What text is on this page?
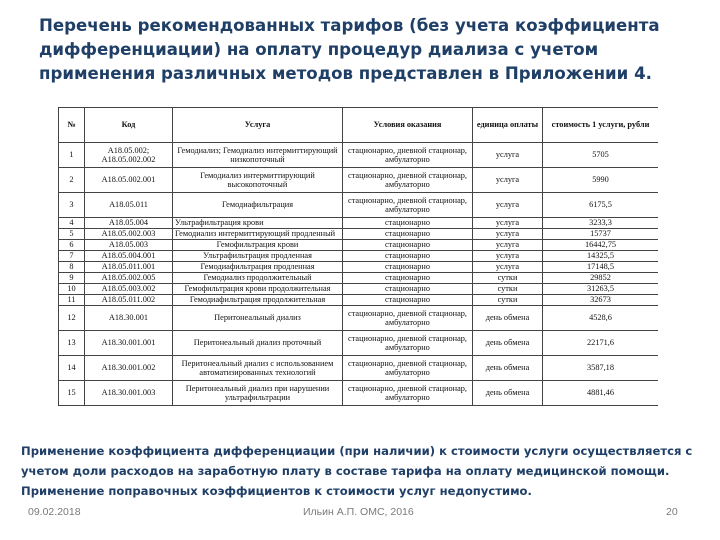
Перечень рекомендованных тарифов (без учета коэффициента дифференциации) на оплату процедур диализа с учетом применения различных методов представлен в Приложении 4.
№	Код	Услуга	Условия оказания	единица оплаты	стоимость 1 услуги, рубли
1	A18.05.002; A18.05.002.002	Гемодиализ; Гемодиализ интермиттирующий низкопоточный	стационарно, дневной стационар, амбулаторно	услуга	5705
2	A18.05.002.001	Гемодиализ интермиттирующий высокопоточный	стационарно, дневной стационар, амбулаторно	услуга	5990
3	A18.05.011	Гемодиафильтрация	стационарно, дневной стационар, амбулаторно	услуга	6175,5
4	A18.05.004	Ультрафильтрация крови	стационарно	услуга	3233,3
5	A18.05.002.003	Гемодиализ интермиттирующий продленный	стационарно	услуга	15737
6	A18.05.003	Гемофильтрация крови	стационарно	услуга	16442,75
7	A18.05.004.001	Ультрафильтрация продленная	стационарно	услуга	14325,5
8	A18.05.011.001	Гемодиафильтрация продленная	стационарно	услуга	17148,5
9	A18.05.002.005	Гемодиализ продолжительный	стационарно	сутки	29852
10	A18.05.003.002	Гемофильтрация крови продолжительная	стационарно	сутки	31263,5
11	A18.05.011.002	Гемодиафильтрация продолжительная	стационарно	сутки	32673
12	A18.30.001	Перитонеальный диализ	стационарно, дневной стационар, амбулаторно	день обмена	4528,6
13	A18.30.001.001	Перитонеальный диализ проточный	стационарно, дневной стационар, амбулаторно	день обмена	22171,6
14	A18.30.001.002	Перитонеальный диализ с использованием автоматизированных технологий	стационарно, дневной стационар, амбулаторно	день обмена	3587,18
15	A18.30.001.003	Перитонеальный диализ при нарушении ультрафильтрации	стационарно, дневной стационар, амбулаторно	день обмена	4881,46

Применение коэффициента дифференциации (при наличии) к стоимости услуги осуществляется с учетом доли расходов на заработную плату в составе тарифа на оплату медицинской помощи. Применение поправочных коэффициентов к стоимости услуг недопустимо.

09.02.2018	Ильин А.П. ОМС, 2016	20
